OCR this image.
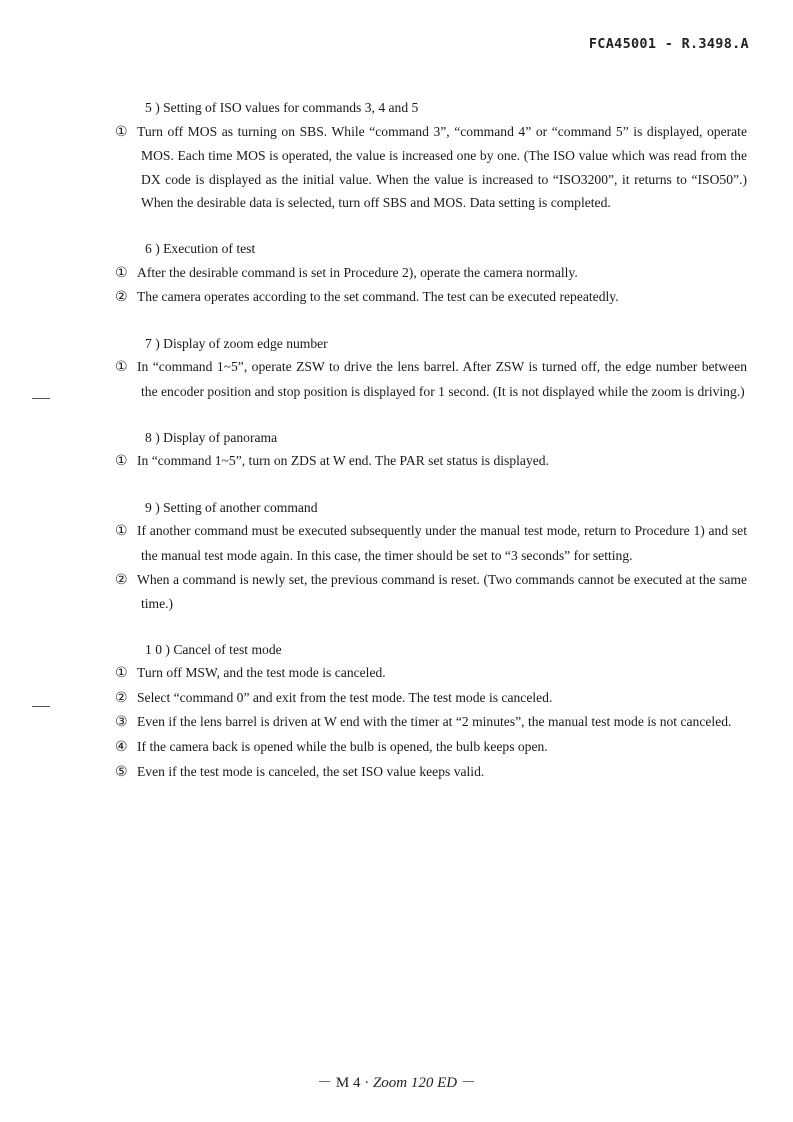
FCA45001 - R.3498.A

5 ) Setting of ISO values for commands 3, 4 and 5

① Turn off MOS as turning on SBS. While “command 3”, “command 4” or “command 5” is displayed, operate MOS. Each time MOS is operated, the value is increased one by one. (The ISO value which was read from the DX code is displayed as the initial value. When the value is increased to “ISO3200”, it returns to “ISO50”.) When the desirable data is selected, turn off SBS and MOS. Data setting is completed.

6 ) Execution of test

① After the desirable command is set in Procedure 2), operate the camera normally.

② The camera operates according to the set command. The test can be executed repeatedly.

7 ) Display of zoom edge number

① In “command 1~5”, operate ZSW to drive the lens barrel. After ZSW is turned off, the edge number between the encoder position and stop position is displayed for 1 second. (It is not displayed while the zoom is driving.)

8 ) Display of panorama

① In “command 1~5”, turn on ZDS at W end. The PAR set status is displayed.

9 ) Setting of another command

① If another command must be executed subsequently under the manual test mode, return to Procedure 1) and set the manual test mode again. In this case, the timer should be set to “3 seconds” for setting.

② When a command is newly set, the previous command is reset. (Two commands cannot be executed at the same time.)

1 0 ) Cancel of test mode

① Turn off MSW, and the test mode is canceled.

② Select “command 0” and exit from the test mode. The test mode is canceled.

③ Even if the lens barrel is driven at W end with the timer at “2 minutes”, the manual test mode is not canceled.

④ If the camera back is opened while the bulb is opened, the bulb keeps open.

⑤ Even if the test mode is canceled, the set ISO value keeps valid.

－ M 4 · Zoom 120 ED －
